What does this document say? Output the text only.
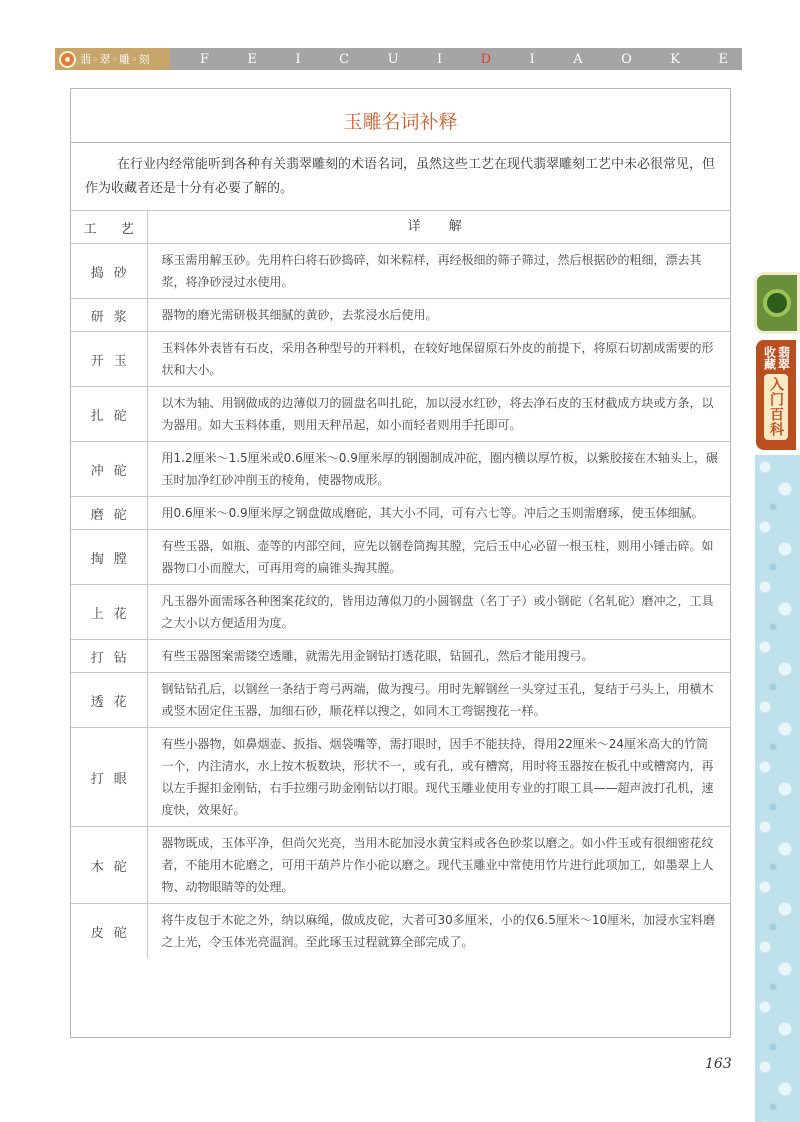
翡◦翠◦雕◦刻	F	E	I	C	U	I	D	I	A	O	K	E
收藏 翡翠
入门百科
玉雕名词补释

在行业内经常能听到各种有关翡翠雕刻的术语名词，虽然这些工艺在现代翡翠雕刻工艺中未必很常见，但作为收藏者还是十分有必要了解的。

工 艺	详 解
捣砂	琢玉需用解玉砂。先用杵臼将石砂捣碎，如米粽样，再经极细的筛子筛过，然后根据砂的粗细，漂去其浆，将净砂浸过水使用。
研浆	器物的磨光需研极其细腻的黄砂，去浆浸水后使用。
开玉	玉料体外表皆有石皮，采用各种型号的开料机，在较好地保留原石外皮的前提下，将原石切割成需要的形状和大小。
扎砣	以木为轴、用钢做成的边薄似刀的圆盘名叫扎砣，加以浸水红砂，将去净石皮的玉材截成方块或方条，以为器用。如大玉料体重，则用天秤吊起，如小而轻者则用手托即可。
冲砣	用1.2厘米～1.5厘米或0.6厘米～0.9厘米厚的钢圈制成冲砣，圈内横以厚竹板，以紫胶接在木轴头上，碾玉时加净红砂冲削玉的棱角，使器物成形。
磨砣	用0.6厘米～0.9厘米厚之钢盘做成磨砣，其大小不同，可有六七等。冲后之玉则需磨琢，使玉体细腻。
掏膛	有些玉器，如瓶、壶等的内部空间，应先以钢卷筒掏其膛，完后玉中心必留一根玉柱，则用小锤击碎。如器物口小而膛大，可再用弯的扁锥头掏其膛。
上花	凡玉器外面需琢各种图案花纹的，皆用边薄似刀的小圆钢盘（名丁子）或小钢砣（名轧砣）磨冲之，工具之大小以方便适用为度。
打钻	有些玉器图案需镂空透雕，就需先用金钢钻打透花眼，钻圆孔，然后才能用搜弓。
透花	钢钻钻孔后，以钢丝一条结于弯弓两端，做为搜弓。用时先解钢丝一头穿过玉孔，复结于弓头上，用横木或竖木固定住玉器，加细石砂，顺花样以搜之，如同木工弯锯搜花一样。
打眼	有些小器物，如鼻烟壶、扳指、烟袋嘴等，需打眼时，因手不能扶持，得用22厘米～24厘米高大的竹筒一个，内注清水，水上按木板数块，形状不一，或有孔，或有槽窝，用时将玉器按在板孔中或槽窝内，再以左手握扣金刚钻，右手拉绷弓助金刚钻以打眼。现代玉雕业使用专业的打眼工具——超声波打孔机，速度快，效果好。
木砣	器物既成，玉体平净，但尚欠光亮，当用木砣加浸水黄宝料或各色砂浆以磨之。如小件玉或有很细密花纹者，不能用木砣磨之，可用干葫芦片作小砣以磨之。现代玉雕业中常使用竹片进行此项加工，如墨翠上人物、动物眼睛等的处理。
皮砣	将牛皮包于木砣之外，纳以麻绳，做成皮砣，大者可30多厘米，小的仅6.5厘米～10厘米，加浸水宝料磨之上光，令玉体光亮温润。至此琢玉过程就算全部完成了。
163
